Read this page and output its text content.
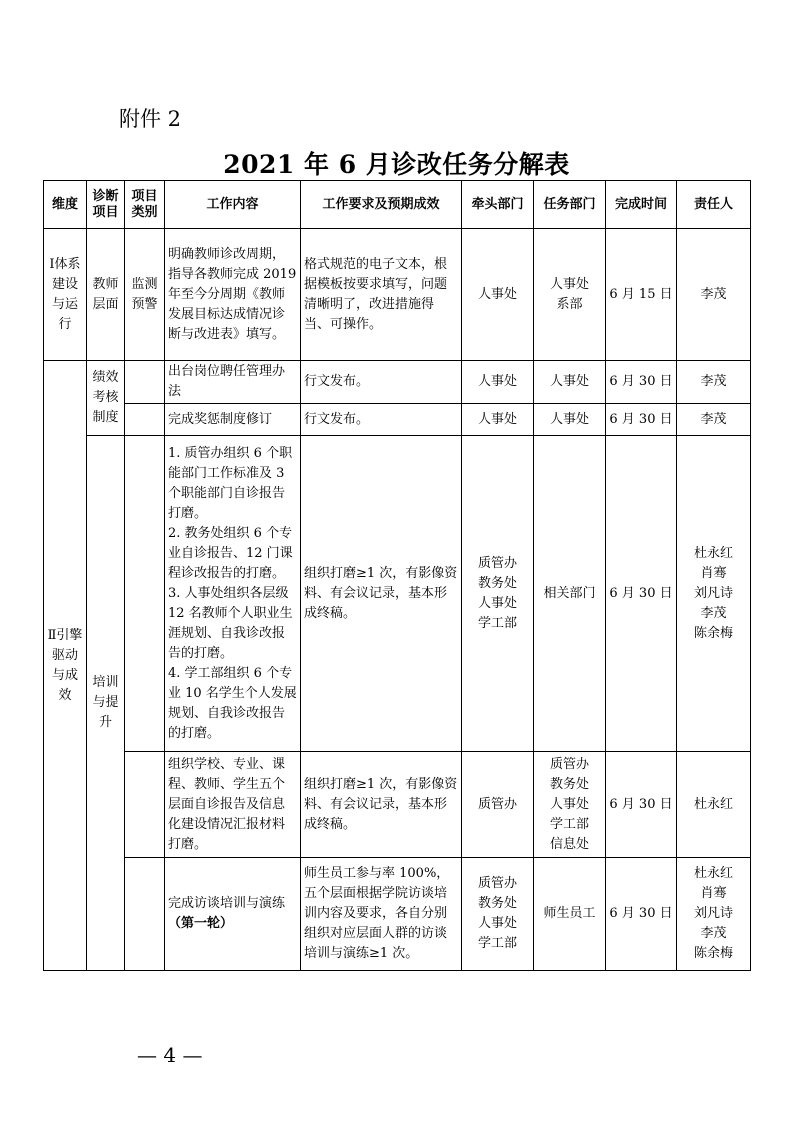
附件 2
2021 年 6 月诊改任务分解表
维度	诊断项目	项目类别	工作内容	工作要求及预期成效	牵头部门	任务部门	完成时间	责任人
Ⅰ体系建设与运行	教师层面	监测预警	明确教师诊改周期，指导各教师完成 2019 年至今分周期《教师发展目标达成情况诊断与改进表》填写。	格式规范的电子文本，根据模板按要求填写，问题清晰明了，改进措施得当、可操作。	人事处	人事处
系部	6 月 15 日	李茂
Ⅱ引擎驱动与成效	绩效考核制度		出台岗位聘任管理办法	行文发布。	人事处	人事处	6 月 30 日	李茂
			完成奖惩制度修订	行文发布。	人事处	人事处	6 月 30 日	李茂
	培训与提升		1. 质管办组织 6 个职能部门工作标准及 3 个职能部门自诊报告打磨。
2. 教务处组织 6 个专业自诊报告、12 门课程诊改报告的打磨。
3. 人事处组织各层级 12 名教师个人职业生涯规划、自我诊改报告的打磨。
4. 学工部组织 6 个专业 10 名学生个人发展规划、自我诊改报告的打磨。	组织打磨≥1 次，有影像资料、有会议记录，基本形成终稿。	质管办
教务处
人事处
学工部	相关部门	6 月 30 日	杜永红
肖骞
刘凡诗
李茂
陈余梅
			组织学校、专业、课程、教师、学生五个层面自诊报告及信息化建设情况汇报材料打磨。	组织打磨≥1 次，有影像资料、有会议记录，基本形成终稿。	质管办	质管办
教务处
人事处
学工部
信息处	6 月 30 日	杜永红
			完成访谈培训与演练
（第一轮）	师生员工参与率 100%，五个层面根据学院访谈培训内容及要求，各自分别组织对应层面人群的访谈培训与演练≥1 次。	质管办
教务处
人事处
学工部	师生员工	6 月 30 日	杜永红
肖骞
刘凡诗
李茂
陈余梅
— 4 —
